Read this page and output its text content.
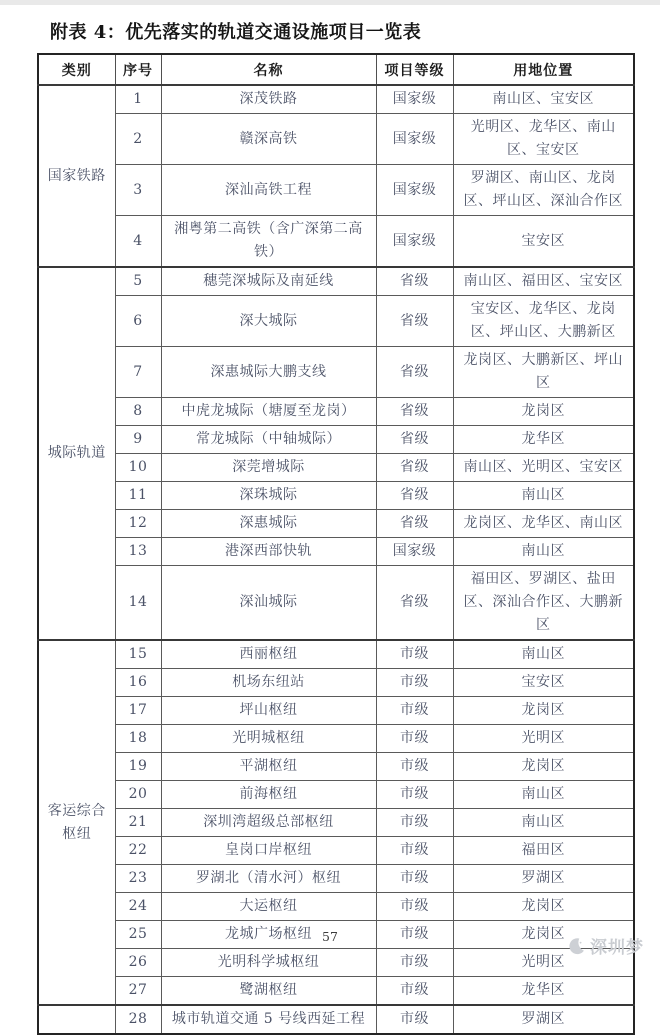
附表 4：优先落实的轨道交通设施项目一览表
类别	序号	名称	项目等级	用地位置
国家铁路	1	深茂铁路	国家级	南山区、宝安区
	2	赣深高铁	国家级	光明区、龙华区、南山区、宝安区
	3	深汕高铁工程	国家级	罗湖区、南山区、龙岗区、坪山区、深汕合作区
	4	湘粤第二高铁（含广深第二高铁）	国家级	宝安区
城际轨道	5	穗莞深城际及南延线	省级	南山区、福田区、宝安区
	6	深大城际	省级	宝安区、龙华区、龙岗区、坪山区、大鹏新区
	7	深惠城际大鹏支线	省级	龙岗区、大鹏新区、坪山区
	8	中虎龙城际（塘厦至龙岗）	省级	龙岗区
	9	常龙城际（中轴城际）	省级	龙华区
	10	深莞增城际	省级	南山区、光明区、宝安区
	11	深珠城际	省级	南山区
	12	深惠城际	省级	龙岗区、龙华区、南山区
	13	港深西部快轨	国家级	南山区
	14	深汕城际	省级	福田区、罗湖区、盐田区、深汕合作区、大鹏新区
客运综合枢纽	15	西丽枢纽	市级	南山区
	16	机场东纽站	市级	宝安区
	17	坪山枢纽	市级	龙岗区
	18	光明城枢纽	市级	光明区
	19	平湖枢纽	市级	龙岗区
	20	前海枢纽	市级	南山区
	21	深圳湾超级总部枢纽	市级	南山区
	22	皇岗口岸枢纽	市级	福田区
	23	罗湖北（清水河）枢纽	市级	罗湖区
	24	大运枢纽	市级	龙岗区
	25	龙城广场枢纽	市级	龙岗区
	26	光明科学城枢纽	市级	光明区
	27	鹭湖枢纽	市级	龙华区
	28	城市轨道交通 5 号线西延工程	市级	罗湖区
57
深圳梦
